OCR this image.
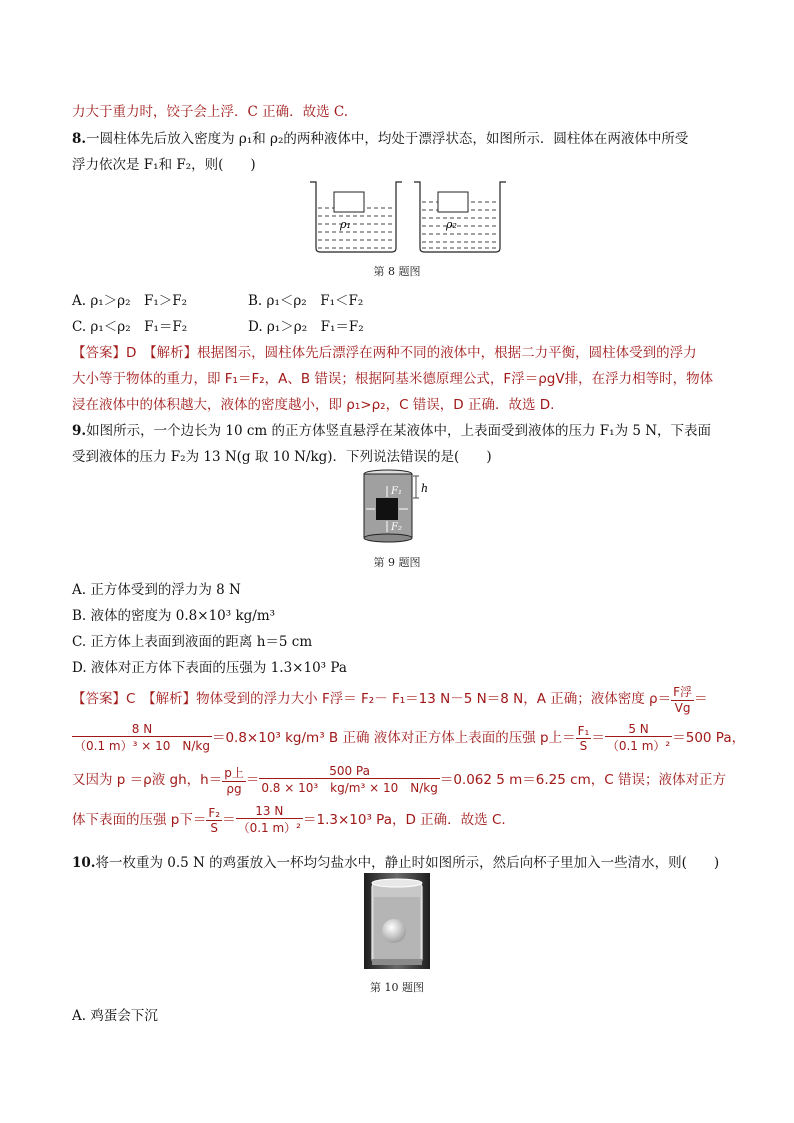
力大于重力时，饺子会上浮．C 正确．故选 C.
8.一圆柱体先后放入密度为 ρ₁和 ρ₂的两种液体中，均处于漂浮状态，如图所示．圆柱体在两液体中所受
浮力依次是 F₁和 F₂，则(　　)
ρ₁	ρ₂
第 8 题图
A. ρ₁＞ρ₂　F₁＞F₂	B. ρ₁＜ρ₂　F₁＜F₂
C. ρ₁＜ρ₂　F₁＝F₂	D. ρ₁＞ρ₂　F₁＝F₂
【答案】D　【解析】根据图示，圆柱体先后漂浮在两种不同的液体中，根据二力平衡，圆柱体受到的浮力
大小等于物体的重力，即 F₁＝F₂，A、B 错误；根据阿基米德原理公式，F浮＝ρgV排，在浮力相等时，物体
浸在液体中的体积越大，液体的密度越小，即 ρ₁>ρ₂，C 错误，D 正确．故选 D.
9.如图所示，一个边长为 10 cm 的正方体竖直悬浮在某液体中，上表面受到液体的压力 F₁为 5 N，下表面
受到液体的压力 F₂为 13 N(g 取 10 N/kg)．下列说法错误的是(　　)
F₁
F₂
h
第 9 题图
A. 正方体受到的浮力为 8 N
B. 液体的密度为 0.8×10³ kg/m³
C. 正方体上表面到液面的距离 h＝5 cm
D. 液体对正方体下表面的压强为 1.3×10³ Pa
【答案】C　【解析】物体受到的浮力大小 F浮＝ F₂－ F₁＝13 N－5 N＝8 N，A 正确；液体密度 $\rho= \frac{\text{F浮}}{Vg}$ ＝
$\frac{8 N}{\text{（0.1 m）³ × 10　N/kg}} =0.8\times 10^3$ kg/m³ B 正确 液体对正方体上表面的压强 p上＝ $\frac{\text{F₁}}{S} = \frac{5 N}{\text{（0.1 m）²}} =500$ Pa，
又因为 p ＝ρ液 gh，$h= \frac{\text{p上}}{\rho g} = \frac{500 Pa}{\text{0.8 × 10³　kg/m³ × 10　N/kg}} =0.062$ 5 m＝6.25 cm，C 错误；液体对正方
体下表面的压强 p下＝ $\frac{\text{F₂}}{S} = \frac{13 N}{\text{（0.1 m）²}} =1.3\times 10^3$ Pa，D 正确．故选 C.
10.将一枚重为 0.5 N 的鸡蛋放入一杯均匀盐水中，静止时如图所示，然后向杯子里加入一些清水，则(　　)
第 10 题图
A. 鸡蛋会下沉
